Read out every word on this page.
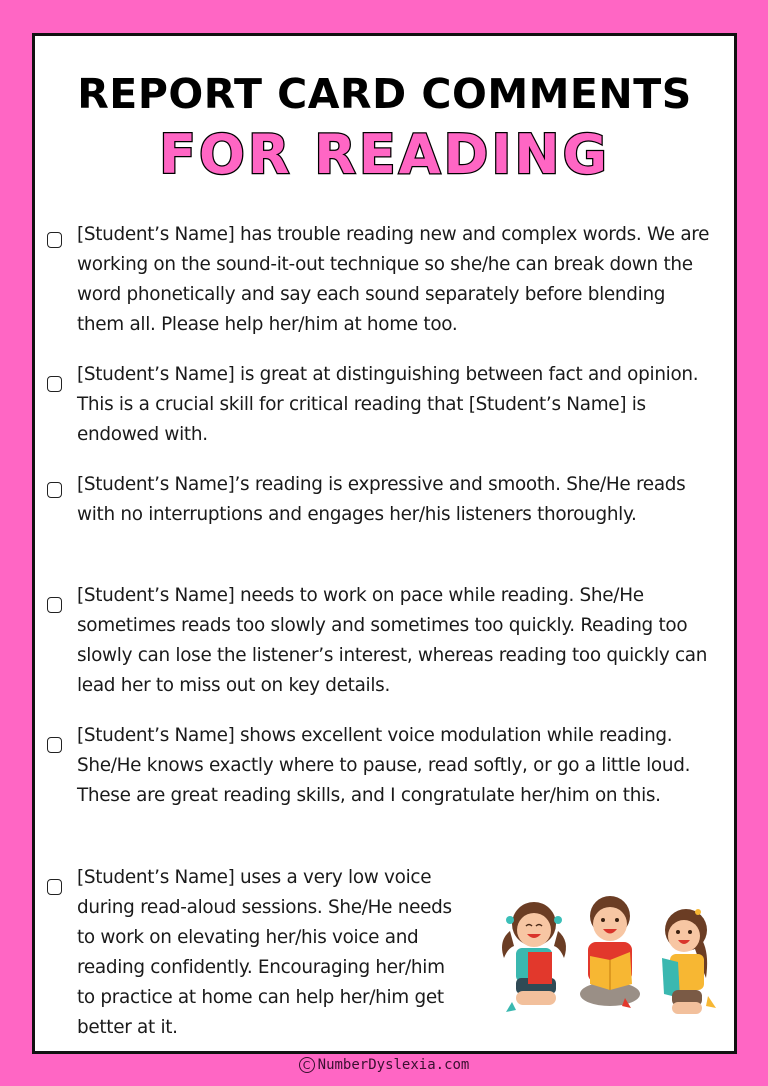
REPORT CARD COMMENTS
FOR READING
[Student’s Name] has trouble reading new and complex words. We are working on the sound-it-out technique so she/he can break down the word phonetically and say each sound separately before blending them all. Please help her/him at home too.
[Student’s Name] is great at distinguishing between fact and opinion. This is a crucial skill for critical reading that [Student’s Name] is endowed with.
[Student’s Name]’s reading is expressive and smooth. She/He reads with no interruptions and engages her/his listeners thoroughly.
[Student’s Name] needs to work on pace while reading. She/He sometimes reads too slowly and sometimes too quickly. Reading too slowly can lose the listener’s interest, whereas reading too quickly can lead her to miss out on key details.
[Student’s Name] shows excellent voice modulation while reading. She/He knows exactly where to pause, read softly, or go a little loud. These are great reading skills, and I congratulate her/him on this.
[Student’s Name] uses a very low voice during read-aloud sessions. She/He needs to work on elevating her/his voice and reading confidently. Encouraging her/him to practice at home can help her/him get better at it.
C NumberDyslexia.com
